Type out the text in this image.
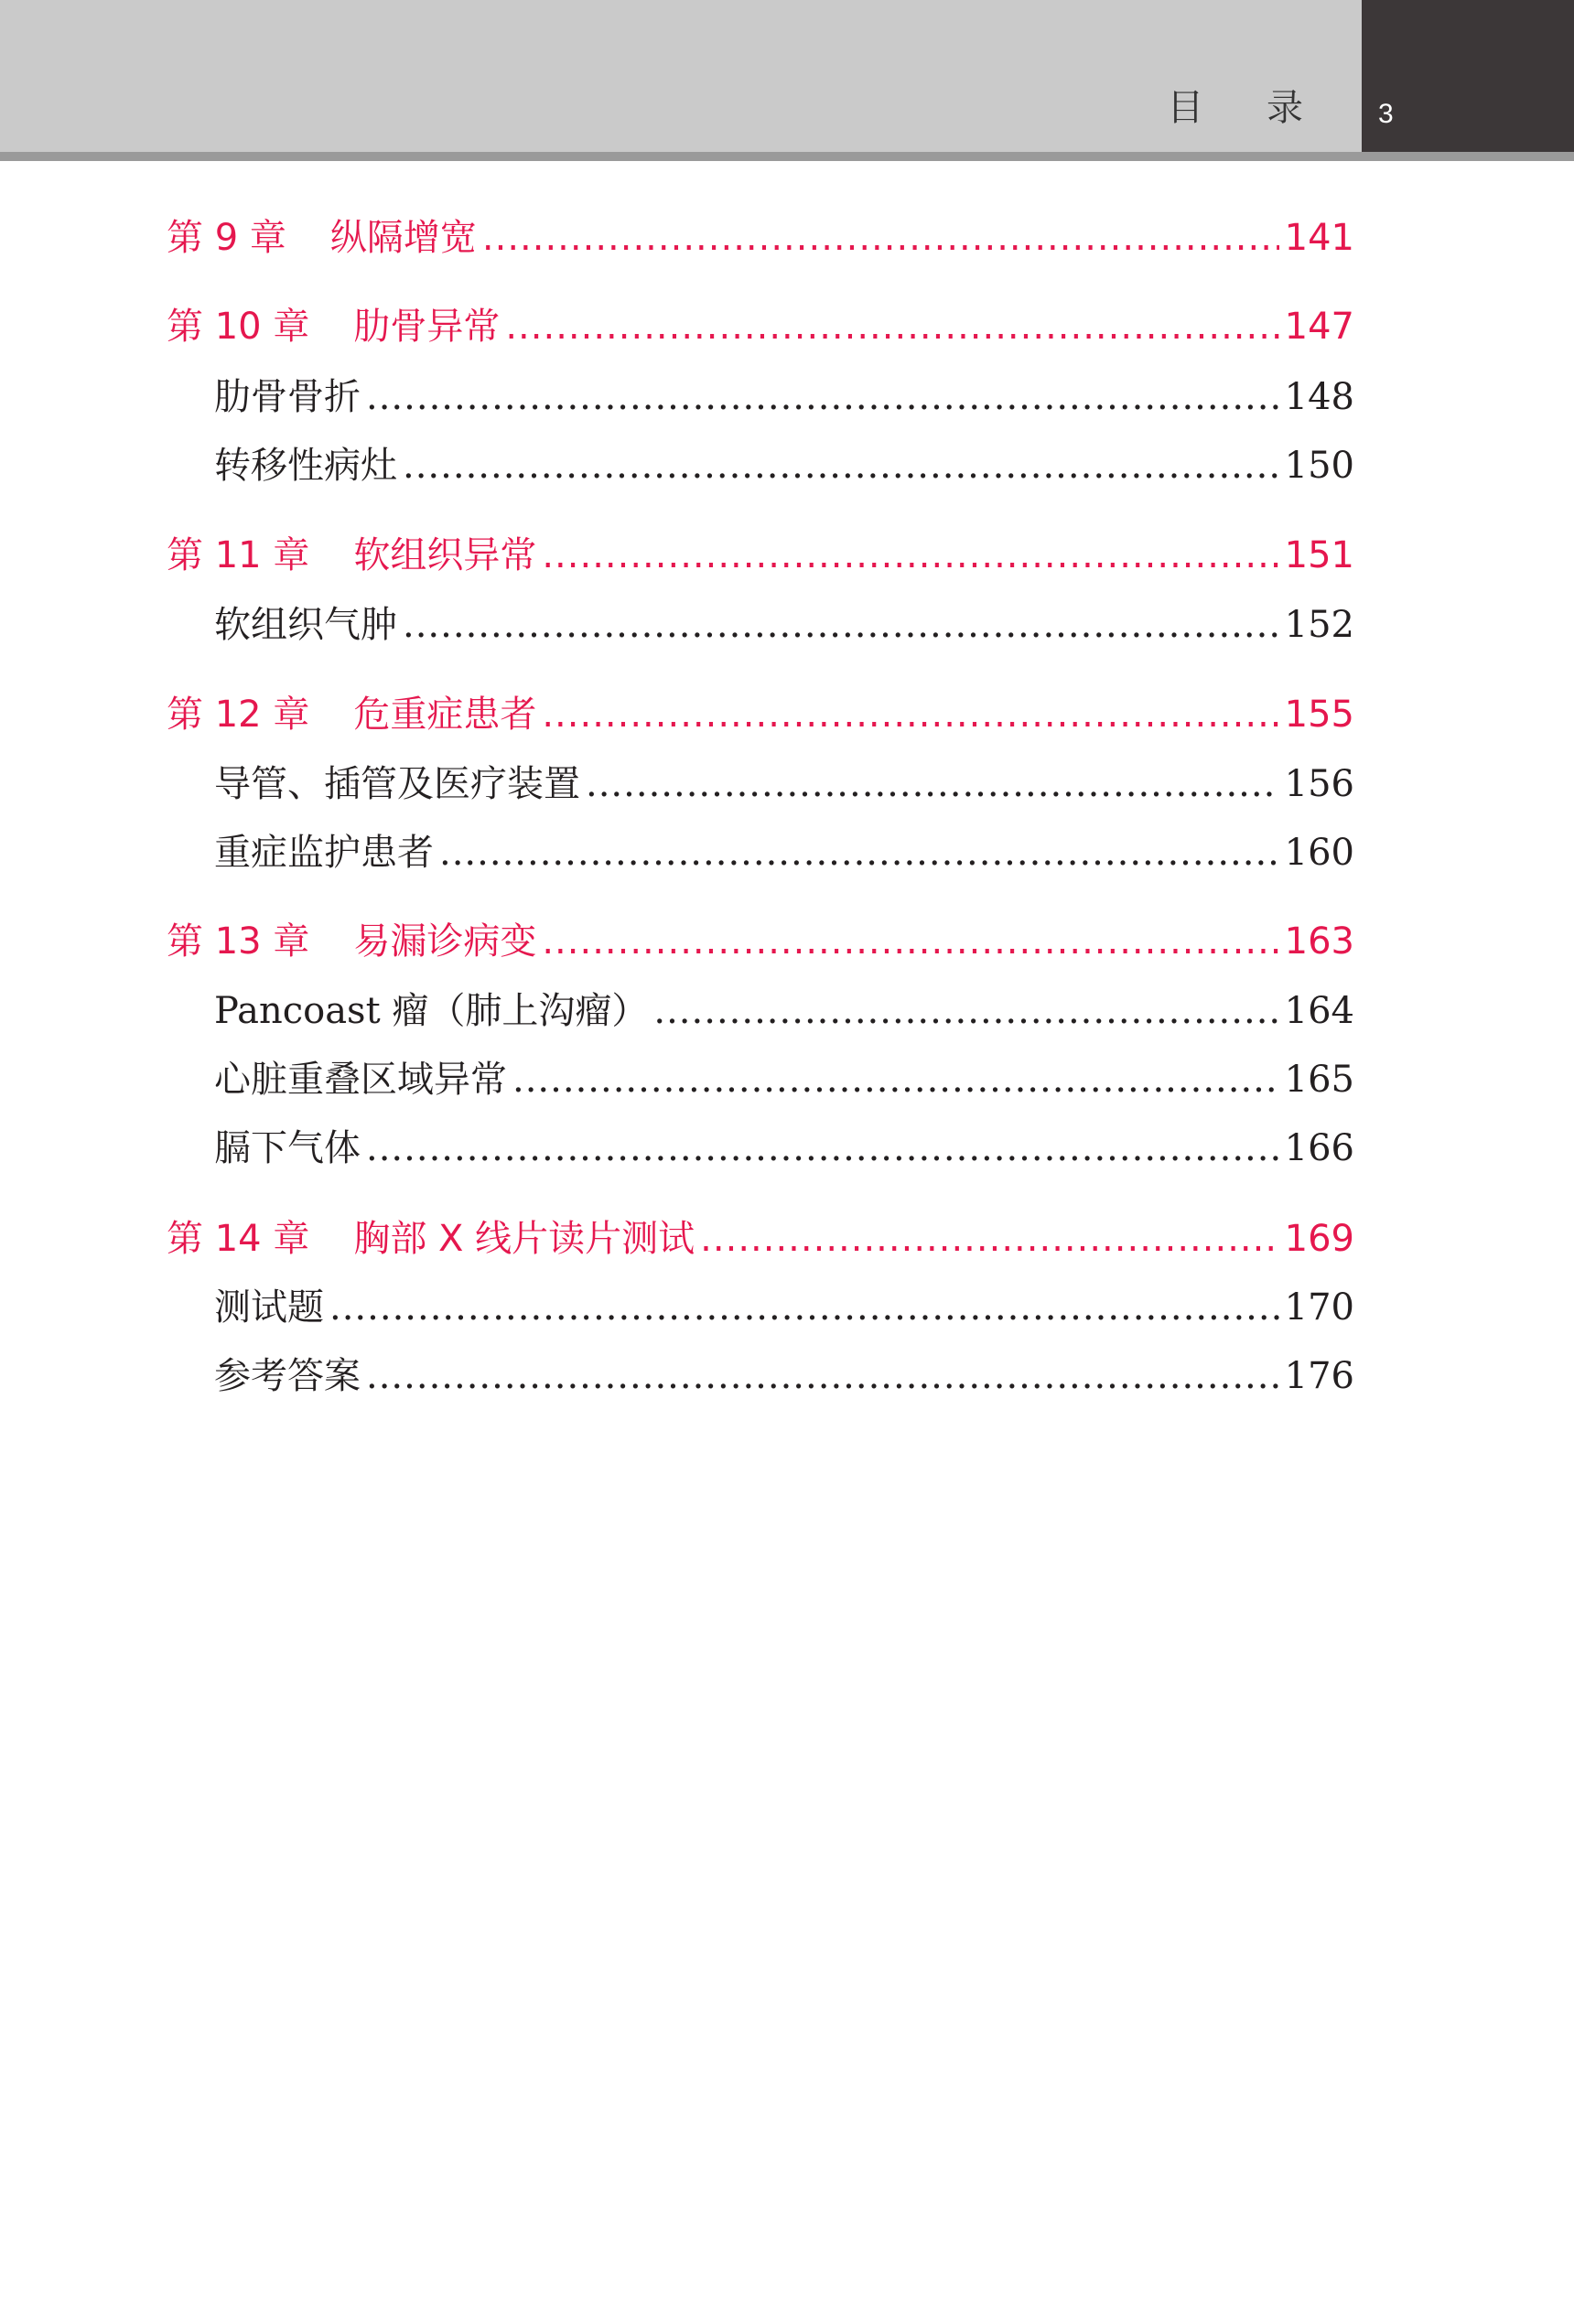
目 录 3
第 9 章 纵隔增宽 .....	141
第 10 章 肋骨异常 .....	147
肋骨骨折 .....	148
转移性病灶 .....	150
第 11 章 软组织异常 .....	151
软组织气肿 .....	152
第 12 章 危重症患者 .....	155
导管、插管及医疗装置 .....	156
重症监护患者 .....	160
第 13 章 易漏诊病变 .....	163
Pancoast 瘤（肺上沟瘤） .....	164
心脏重叠区域异常 .....	165
膈下气体 .....	166
第 14 章 胸部 X 线片读片测试 .....	169
测试题 .....	170
参考答案 .....	176
